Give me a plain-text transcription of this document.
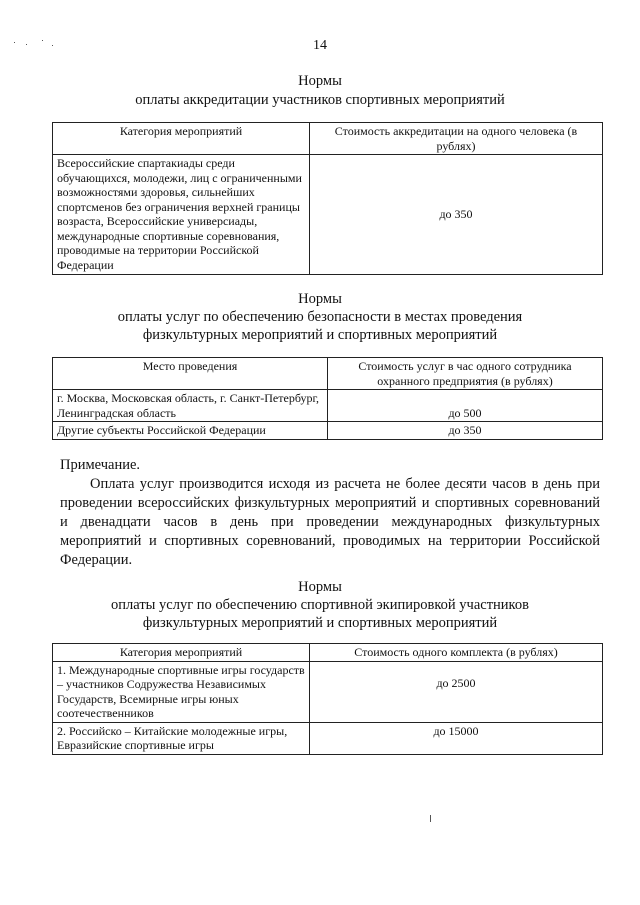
14
Нормы
оплаты аккредитации участников спортивных мероприятий
Категория мероприятий	Стоимость аккредитации на одного человека (в рублях)
Всероссийские спартакиады среди обучающихся, молодежи, лиц с ограниченными возможностями здоровья, сильнейших спортсменов без ограничения верхней границы возраста, Всероссийские универсиады, международные спортивные соревнования, проводимые на территории Российской Федерации	до 350
Нормы
оплаты услуг по обеспечению безопасности в местах проведения
физкультурных мероприятий и спортивных мероприятий
Место проведения	Стоимость услуг в час одного сотрудника охранного предприятия (в рублях)
г. Москва, Московская область, г. Санкт-Петербург, Ленинградская область	до 500
Другие субъекты Российской Федерации	до 350
Примечание.
Оплата услуг производится исходя из расчета не более десяти часов в день при проведении всероссийских физкультурных мероприятий и спортивных соревнований и двенадцати часов в день при проведении международных физкультурных мероприятий и спортивных соревнований, проводимых на территории Российской Федерации.
Нормы
оплаты услуг по обеспечению спортивной экипировкой участников
физкультурных мероприятий и спортивных мероприятий
Категория мероприятий	Стоимость одного комплекта (в рублях)
1. Международные спортивные игры государств – участников Содружества Независимых Государств, Всемирные игры юных соотечественников	до 2500
2. Российско – Китайские молодежные игры, Евразийские спортивные игры	до 15000
